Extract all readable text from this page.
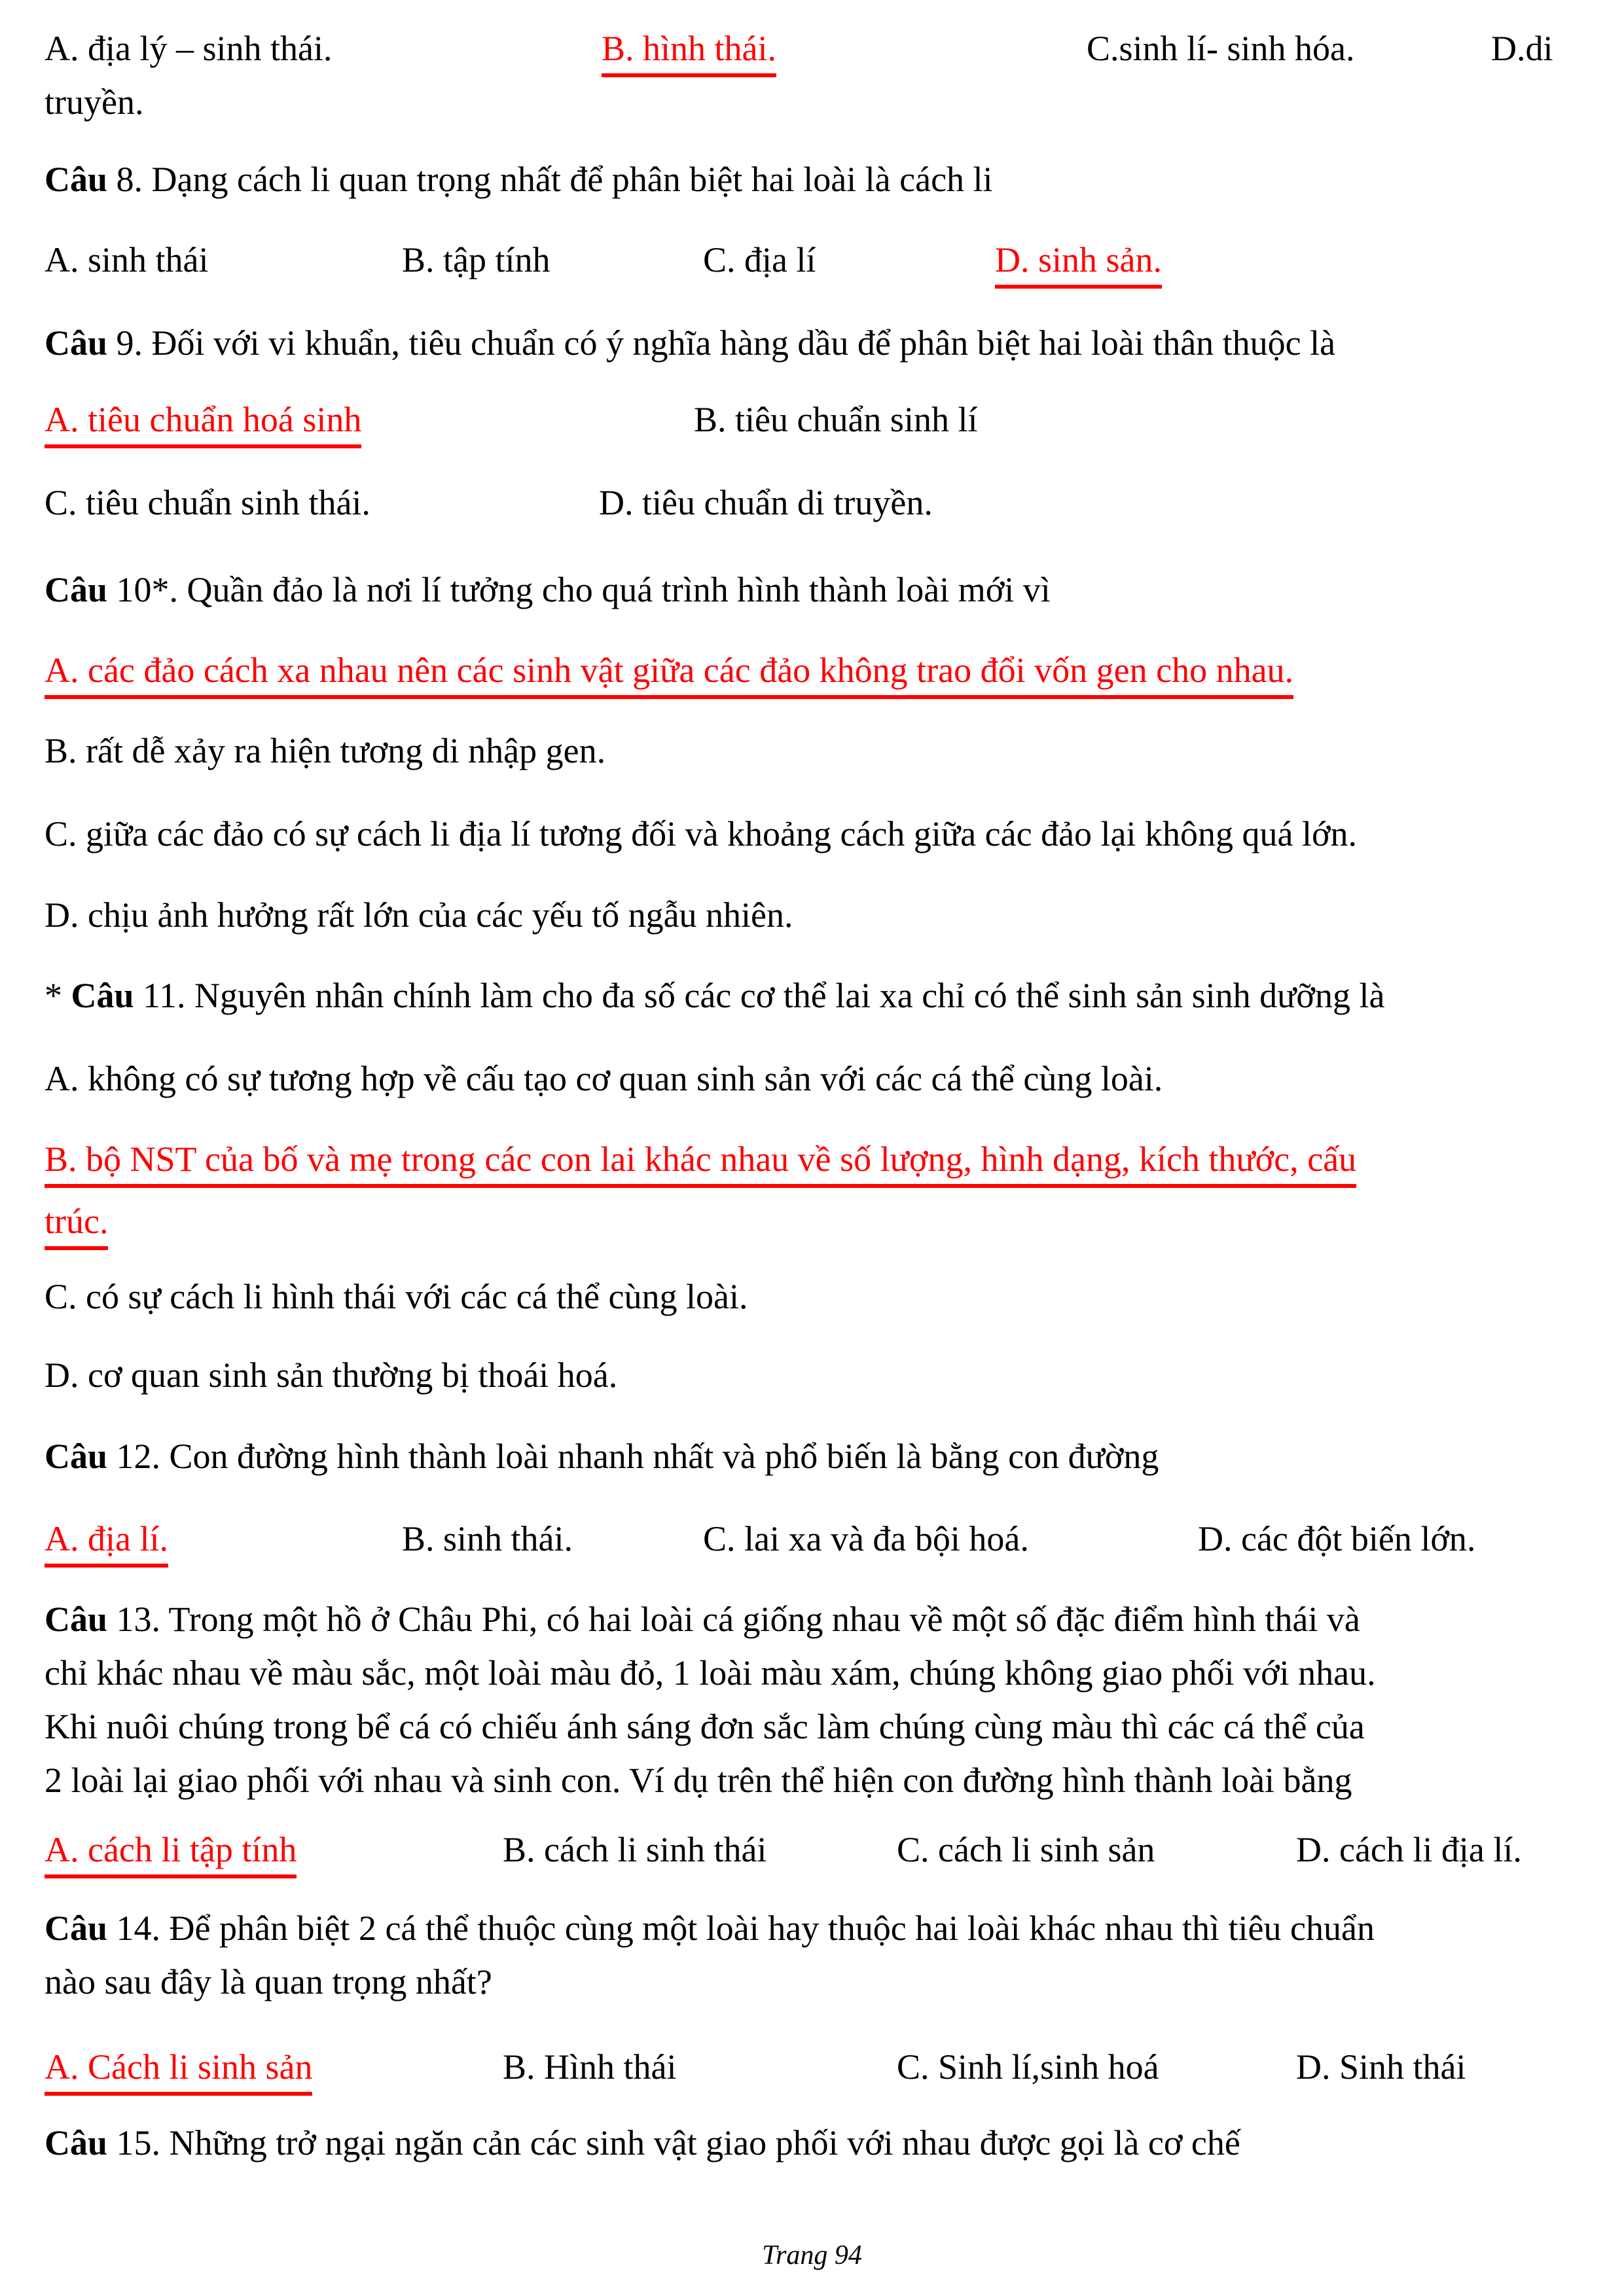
A. địa lý – sinh thái.	B. hình thái.	C.sinh lí- sinh hóa.	D.di
truyền.
Câu 8. Dạng cách li quan trọng nhất để phân biệt hai loài là cách li
A. sinh thái	B. tập tính	C. địa lí	D. sinh sản.
Câu 9. Đối với vi khuẩn, tiêu chuẩn có ý nghĩa hàng dầu để phân biệt hai loài thân thuộc là
A. tiêu chuẩn hoá sinh	B. tiêu chuẩn sinh lí
C. tiêu chuẩn sinh thái.	D. tiêu chuẩn di truyền.
Câu 10*. Quần đảo là nơi lí tưởng cho quá trình hình thành loài mới vì
A. các đảo cách xa nhau nên các sinh vật giữa các đảo không trao đổi vốn gen cho nhau.
B. rất dễ xảy ra hiện tương di nhập gen.
C. giữa các đảo có sự cách li địa lí tương đối và khoảng cách giữa các đảo lại không quá lớn.
D. chịu ảnh hưởng rất lớn của các yếu tố ngẫu nhiên.
* Câu 11. Nguyên nhân chính làm cho đa số các cơ thể lai xa chỉ có thể sinh sản sinh dưỡng là
A. không có sự tương hợp về cấu tạo cơ quan sinh sản với các cá thể cùng loài.
B. bộ NST của bố và mẹ trong các con lai khác nhau về số lượng, hình dạng, kích thước, cấu
trúc.
C. có sự cách li hình thái với các cá thể cùng loài.
D. cơ quan sinh sản thường bị thoái hoá.
Câu 12. Con đường hình thành loài nhanh nhất và phổ biến là bằng con đường
A. địa lí.	B. sinh thái.	C. lai xa và đa bội hoá.	D. các đột biến lớn.
Câu 13. Trong một hồ ở Châu Phi, có hai loài cá giống nhau về một số đặc điểm hình thái và
chỉ khác nhau về màu sắc, một loài màu đỏ, 1 loài màu xám, chúng không giao phối với nhau.
Khi nuôi chúng trong bể cá có chiếu ánh sáng đơn sắc làm chúng cùng màu thì các cá thể của
2 loài lại giao phối với nhau và sinh con. Ví dụ trên thể hiện con đường hình thành loài bằng
A. cách li tập tính	B. cách li sinh thái	C. cách li sinh sản	D. cách li địa lí.
Câu 14. Để phân biệt 2 cá thể thuộc cùng một loài hay thuộc hai loài khác nhau thì tiêu chuẩn
nào sau đây là quan trọng nhất?
A. Cách li sinh sản	B. Hình thái	C. Sinh lí,sinh hoá	D. Sinh thái
Câu 15. Những trở ngại ngăn cản các sinh vật giao phối với nhau được gọi là cơ chế
Trang 94
